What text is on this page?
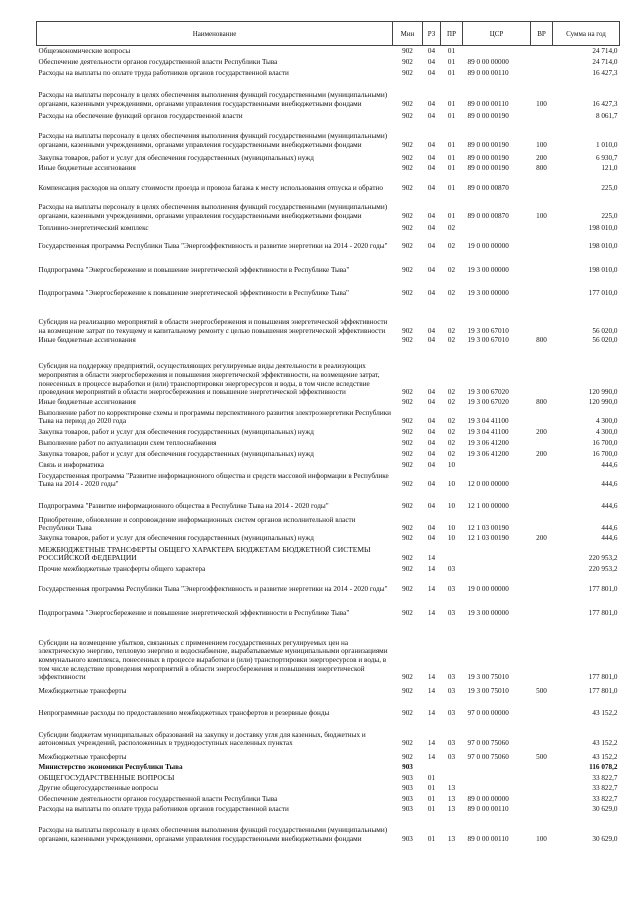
Наименование	Мин	РЗ	ПР	ЦСР	ВР	Сумма на год
Общеэкономические вопросы	902	04	01			24 714,0
Обеспечение деятельности органов государственной власти Республики Тыва	902	04	01	89 0 00 00000		24 714,0
Расходы на выплаты по оплате труда работников органов государственной власти	902	04	01	89 0 00 00110		16 427,3
Расходы на выплаты персоналу в целях обеспечения выполнения функций государственными (муниципальными) органами, казенными учреждениями, органами управления государственными внебюджетными фондами	902	04	01	89 0 00 00110	100	16 427,3
Расходы на обеспечение функций органов государственной власти	902	04	01	89 0 00 00190		8 061,7
Расходы на выплаты персоналу в целях обеспечения выполнения функций государственными (муниципальными) органами, казенными учреждениями, органами управления государственными внебюджетными фондами	902	04	01	89 0 00 00190	100	1 010,0
Закупка товаров, работ и услуг для обеспечения государственных (муниципальных) нужд	902	04	01	89 0 00 00190	200	6 930,7
Иные бюджетные ассигнования	902	04	01	89 0 00 00190	800	121,0
Компенсация расходов на оплату стоимости проезда и провоза багажа к месту использования отпуска и обратно	902	04	01	89 0 00 00870		225,0
Расходы на выплаты персоналу в целях обеспечения выполнения функций государственными (муниципальными) органами, казенными учреждениями, органами управления государственными внебюджетными фондами	902	04	01	89 0 00 00870	100	225,0
Топливно-энергетический комплекс	902	04	02			198 010,0
Государственная программа Республики Тыва "Энергоэффективность и развитие энергетики на 2014 - 2020 годы"	902	04	02	19 0 00 00000		198 010,0
Подпрограмма "Энергосбережение и повышение энергетической эффективности в Республике Тыва"	902	04	02	19 3 00 00000		198 010,0
Подпрограмма "Энергосбережение к повышение энергетической эффективности в Республике Тыва"	902	04	02	19 3 00 00000		177 010,0
Субсидия на реализацию мероприятий в области энергосбережения и повышения энергетической эффективности на возмещение затрат по текущему и капитальному ремонту с целью повышения энергетической эффективности	902	04	02	19 3 00 67010		56 020,0
Иные бюджетные ассигнования	902	04	02	19 3 00 67010	800	56 020,0
Субсидия на поддержку предприятий, осуществляющих регулируемые виды деятельности в реализующих мероприятия в области энергосбережения и повышения энергетической эффективности, на возмещение затрат, понесенных в процессе выработки и (или) транспортировки энергоресурсов и воды, в том числе вследствие проведения мероприятий в области энергосбережения и повышение энергетической эффективности	902	04	02	19 3 00 67020		120 990,0
Иные бюджетные ассигнования	902	04	02	19 3 00 67020	800	120 990,0
Выполнение работ по корректировке схемы и программы перспективного развития электроэнергетики Республики Тыва на период до 2020 года	902	04	02	19 3 04 41100		4 300,0
Закупка товаров, работ и услуг для обеспечения государственных (муниципальных) нужд	902	04	02	19 3 04 41100	200	4 300,0
Выполнение работ по актуализации схем теплоснабжения	902	04	02	19 3 06 41200		16 700,0
Закупка товаров, работ и услуг для обеспечения государственных (муниципальных) нужд	902	04	02	19 3 06 41200	200	16 700,0
Связь и информатика	902	04	10			444,6
Государственная программа "Развитие информационного общества и средств массовой информации в Республике Тыва на 2014 - 2020 годы"	902	04	10	12 0 00 00000		444,6
Подпрограмма "Развитие информационного общества в Республике Тыва на 2014 - 2020 годы"	902	04	10	12 1 00 00000		444,6
Приобретение, обновление и сопровождение информационных систем органов исполнительной власти Республики Тыва	902	04	10	12 1 03 00190		444,6
Закупка товаров, работ и услуг для обеспечения государственных (муниципальных) нужд	902	04	10	12 1 03 00190	200	444,6
МЕЖБЮДЖЕТНЫЕ ТРАНСФЕРТЫ ОБЩЕГО ХАРАКТЕРА БЮДЖЕТАМ БЮДЖЕТНОЙ СИСТЕМЫ РОССИЙСКОЙ ФЕДЕРАЦИИ	902	14				220 953,2
Прочие межбюджетные трансферты общего характера	902	14	03			220 953,2
Государственная программа Республики Тыва "Энергоэффективность и развитие энергетики на 2014 - 2020 годы"	902	14	03	19 0 00 00000		177 801,0
Подпрограмма "Энергосбережение и повышение энергетической эффективности в Республике Тыва"	902	14	03	19 3 00 00000		177 801,0
Субсидии на возмещение убытков, связанных с применением государственных регулируемых цен на электрическую энергию, тепловую энергию и водоснабжение, вырабатываемые муниципальными организациями коммунального комплекса, понесенных в процессе выработки и (или) транспортировки энергоресурсов и воды, в том числе вследствие проведения мероприятий в области энергосбережения и повышения энергетической эффективности	902	14	03	19 3 00 75010		177 801,0
Межбюджетные трансферты	902	14	03	19 3 00 75010	500	177 801,0
Непрограммные расходы по предоставлению межбюджетных трансфертов и резервные фонды	902	14	03	97 0 00 00000		43 152,2
Субсидии бюджетам муниципальных образований на закупку и доставку угля для казенных, бюджетных и автономных учреждений, расположенных в труднодоступных населенных пунктах	902	14	03	97 0 00 75060		43 152,2
Межбюджетные трансферты	902	14	03	97 0 00 75060	500	43 152,2
Министерство экономики Республики Тыва	903					116 078,2
ОБЩЕГОСУДАРСТВЕННЫЕ ВОПРОСЫ	903	01				33 822,7
Другие общегосударственные вопросы	903	01	13			33 822,7
Обеспечение деятельности органов государственной власти Республики Тыва	903	01	13	89 0 00 00000		33 822,7
Расходы на выплаты по оплате труда работников органов государственной власти	903	01	13	89 0 00 00110		30 629,0
Расходы на выплаты персоналу в целях обеспечения выполнения функций государственными (муниципальными) органами, казенными учреждениями, органами управления государственными внебюджетными фондами	903	01	13	89 0 00 00110	100	30 629,0
